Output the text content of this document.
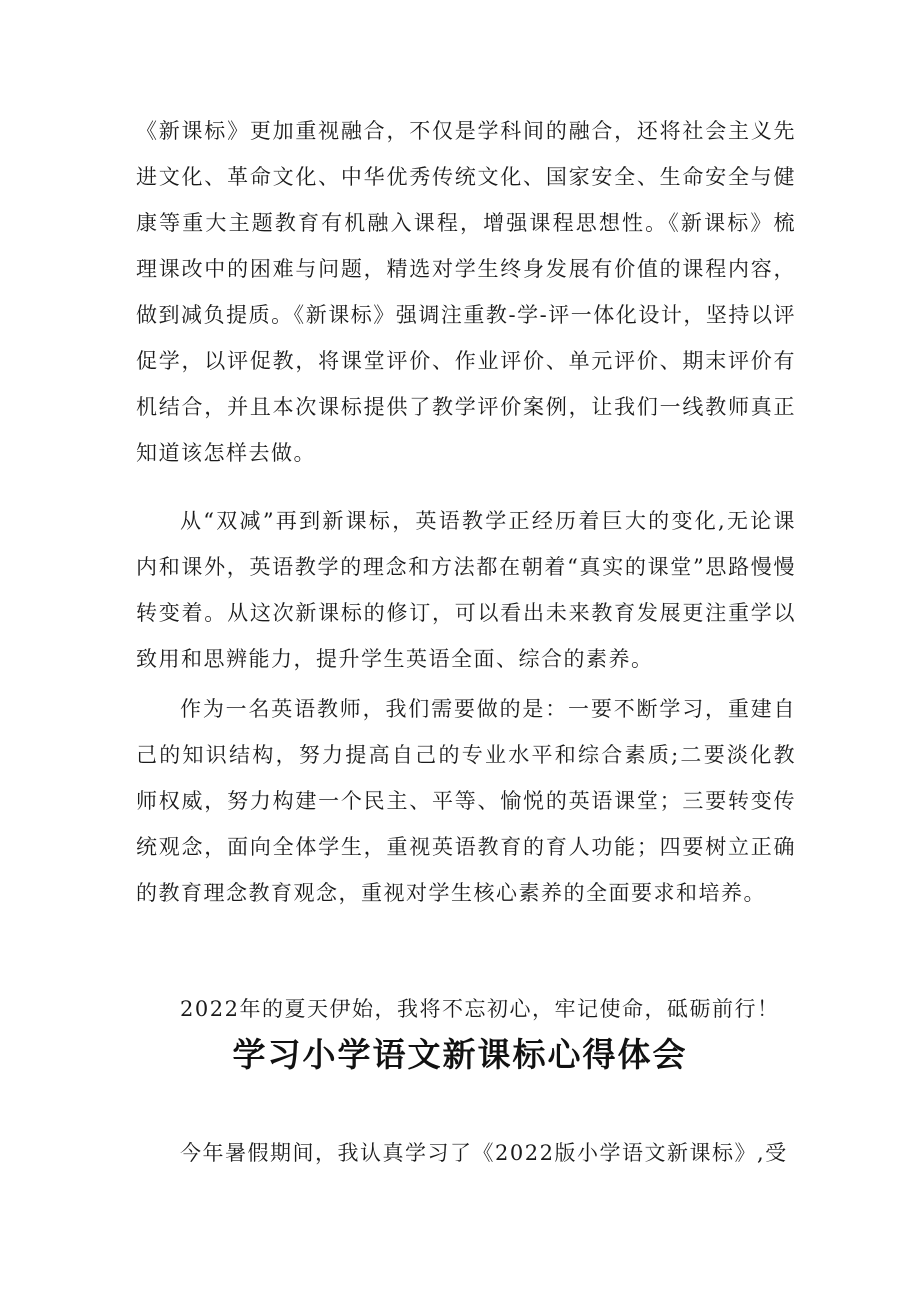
《新课标》更加重视融合，不仅是学科间的融合，还将社会主义先进文化、革命文化、中华优秀传统文化、国家安全、生命安全与健康等重大主题教育有机融入课程，增强课程思想性。《新课标》梳理课改中的困难与问题，精选对学生终身发展有价值的课程内容，做到减负提质。《新课标》强调注重教-学-评一体化设计，坚持以评促学，以评促教，将课堂评价、作业评价、单元评价、期末评价有机结合，并且本次课标提供了教学评价案例，让我们一线教师真正知道该怎样去做。

从“双减”再到新课标，英语教学正经历着巨大的变化,无论课内和课外，英语教学的理念和方法都在朝着“真实的课堂”思路慢慢转变着。从这次新课标的修订，可以看出未来教育发展更注重学以致用和思辨能力，提升学生英语全面、综合的素养。

作为一名英语教师，我们需要做的是：一要不断学习，重建自己的知识结构，努力提高自己的专业水平和综合素质;二要淡化教师权威，努力构建一个民主、平等、愉悦的英语课堂；三要转变传统观念，面向全体学生，重视英语教育的育人功能；四要树立正确的教育理念教育观念，重视对学生核心素养的全面要求和培养。

2022年的夏天伊始，我将不忘初心，牢记使命，砥砺前行！

学习小学语文新课标心得体会

今年暑假期间，我认真学习了《2022版小学语文新课标》,受
